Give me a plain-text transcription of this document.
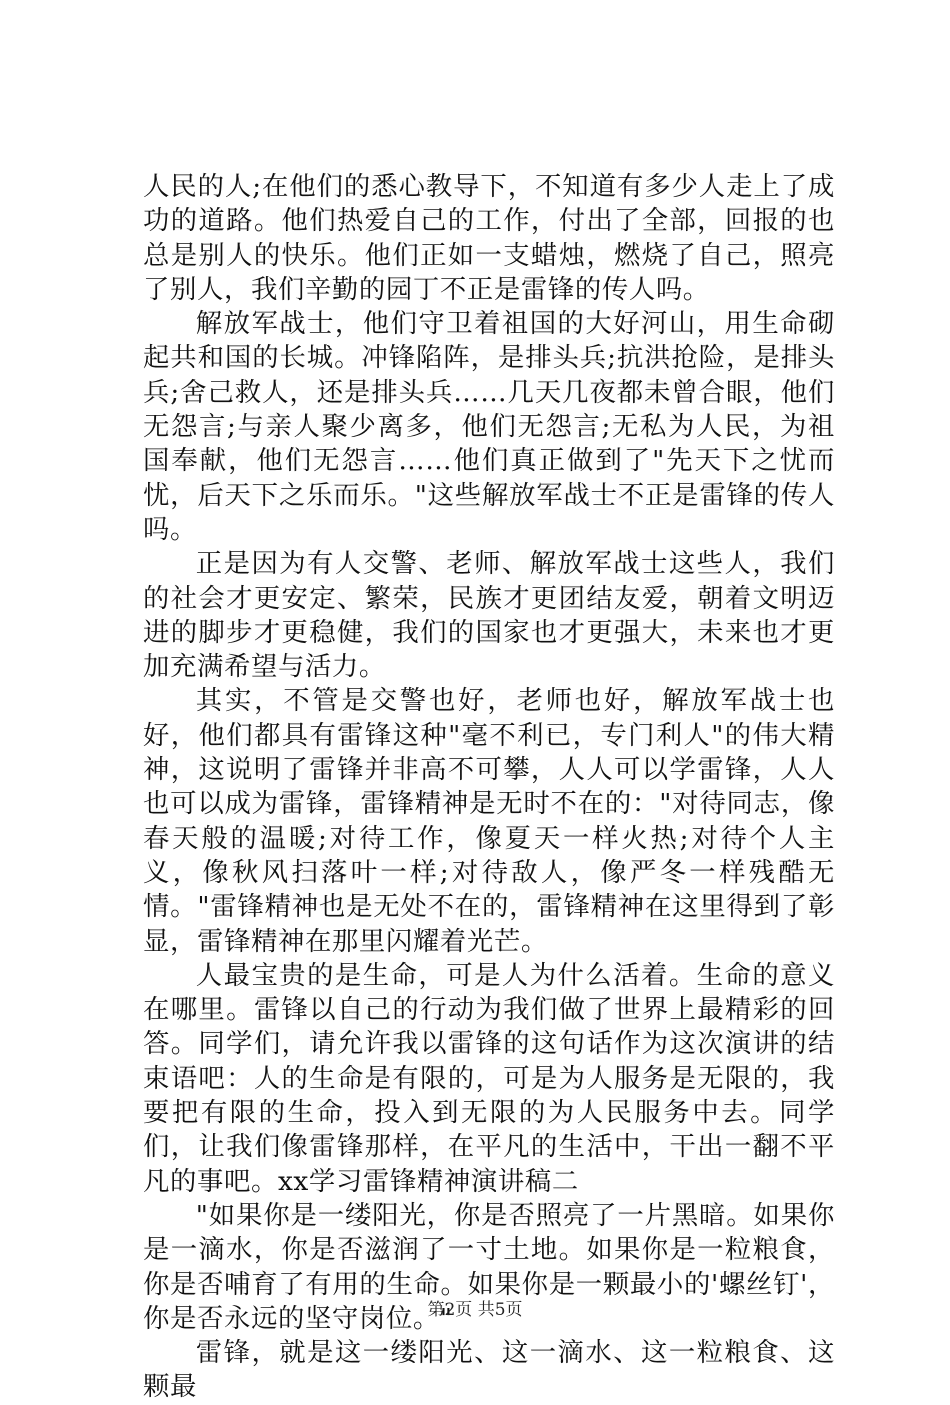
人民的人;在他们的悉心教导下，不知道有多少人走上了成功的道路。他们热爱自己的工作，付出了全部，回报的也总是别人的快乐。他们正如一支蜡烛，燃烧了自己，照亮了别人，我们辛勤的园丁不正是雷锋的传人吗。

解放军战士，他们守卫着祖国的大好河山，用生命砌起共和国的长城。冲锋陷阵，是排头兵;抗洪抢险，是排头兵;舍己救人，还是排头兵……几天几夜都未曾合眼，他们无怨言;与亲人聚少离多，他们无怨言;无私为人民，为祖国奉献，他们无怨言……他们真正做到了"先天下之忧而忧，后天下之乐而乐。"这些解放军战士不正是雷锋的传人吗。

正是因为有人交警、老师、解放军战士这些人，我们的社会才更安定、繁荣，民族才更团结友爱，朝着文明迈进的脚步才更稳健，我们的国家也才更强大，未来也才更加充满希望与活力。

其实，不管是交警也好，老师也好，解放军战士也好，他们都具有雷锋这种"毫不利已，专门利人"的伟大精神，这说明了雷锋并非高不可攀，人人可以学雷锋，人人也可以成为雷锋，雷锋精神是无时不在的："对待同志，像春天般的温暖;对待工作，像夏天一样火热;对待个人主义，像秋风扫落叶一样;对待敌人，像严冬一样残酷无情。"雷锋精神也是无处不在的，雷锋精神在这里得到了彰显，雷锋精神在那里闪耀着光芒。

人最宝贵的是生命，可是人为什么活着。生命的意义在哪里。雷锋以自己的行动为我们做了世界上最精彩的回答。同学们，请允许我以雷锋的这句话作为这次演讲的结束语吧：人的生命是有限的，可是为人服务是无限的，我要把有限的生命，投入到无限的为人民服务中去。同学们，让我们像雷锋那样，在平凡的生活中，干出一翻不平凡的事吧。xx学习雷锋精神演讲稿二

"如果你是一缕阳光，你是否照亮了一片黑暗。如果你是一滴水，你是否滋润了一寸土地。如果你是一粒粮食，你是否哺育了有用的生命。如果你是一颗最小的'螺丝钉'，你是否永远的坚守岗位。"

雷锋，就是这一缕阳光、这一滴水、这一粒粮食、这颗最

第2页 共5页
